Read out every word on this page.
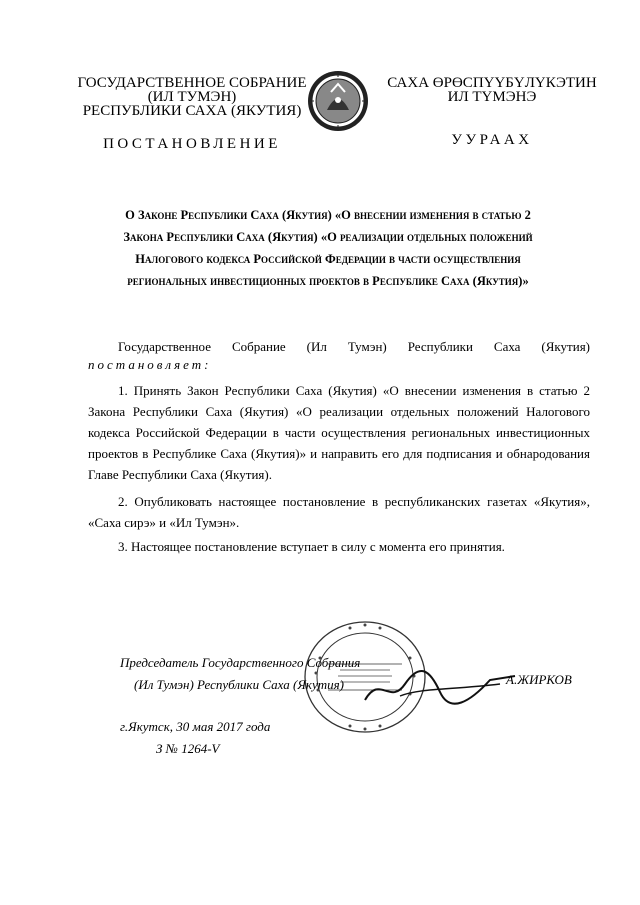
ГОСУДАРСТВЕННОЕ СОБРАНИЕ
(ИЛ ТУМЭН)
РЕСПУБЛИКИ САХА (ЯКУТИЯ)
САХА ӨРӨСПҮҮБҮЛҮКЭТИН
ИЛ ТҮМЭНЭ
ПОСТАНОВЛЕНИЕ	УУРААХ
О Законе Республики Саха (Якутия) «О внесении изменения в статью 2
Закона Республики Саха (Якутия) «О реализации отдельных положений
Налогового кодекса Российской Федерации в части осуществления
региональных инвестиционных проектов в Республике Саха (Якутия)»
Государственное Собрание (Ил Тумэн) Республики Саха (Якутия)
постановляет:
1. Принять Закон Республики Саха (Якутия) «О внесении изменения в статью 2 Закона Республики Саха (Якутия) «О реализации отдельных положений Налогового кодекса Российской Федерации в части осуществления региональных инвестиционных проектов в Республике Саха (Якутия)» и направить его для подписания и обнародования Главе Республики Саха (Якутия).
2. Опубликовать настоящее постановление в республиканских газетах «Якутия», «Саха сирэ» и «Ил Тумэн».
3. Настоящее постановление вступает в силу с момента его принятия.
Председатель Государственного Собрания
(Ил Тумэн) Республики Саха (Якутия)	А.ЖИРКОВ
г.Якутск, 30 мая 2017 года
З № 1264-V
